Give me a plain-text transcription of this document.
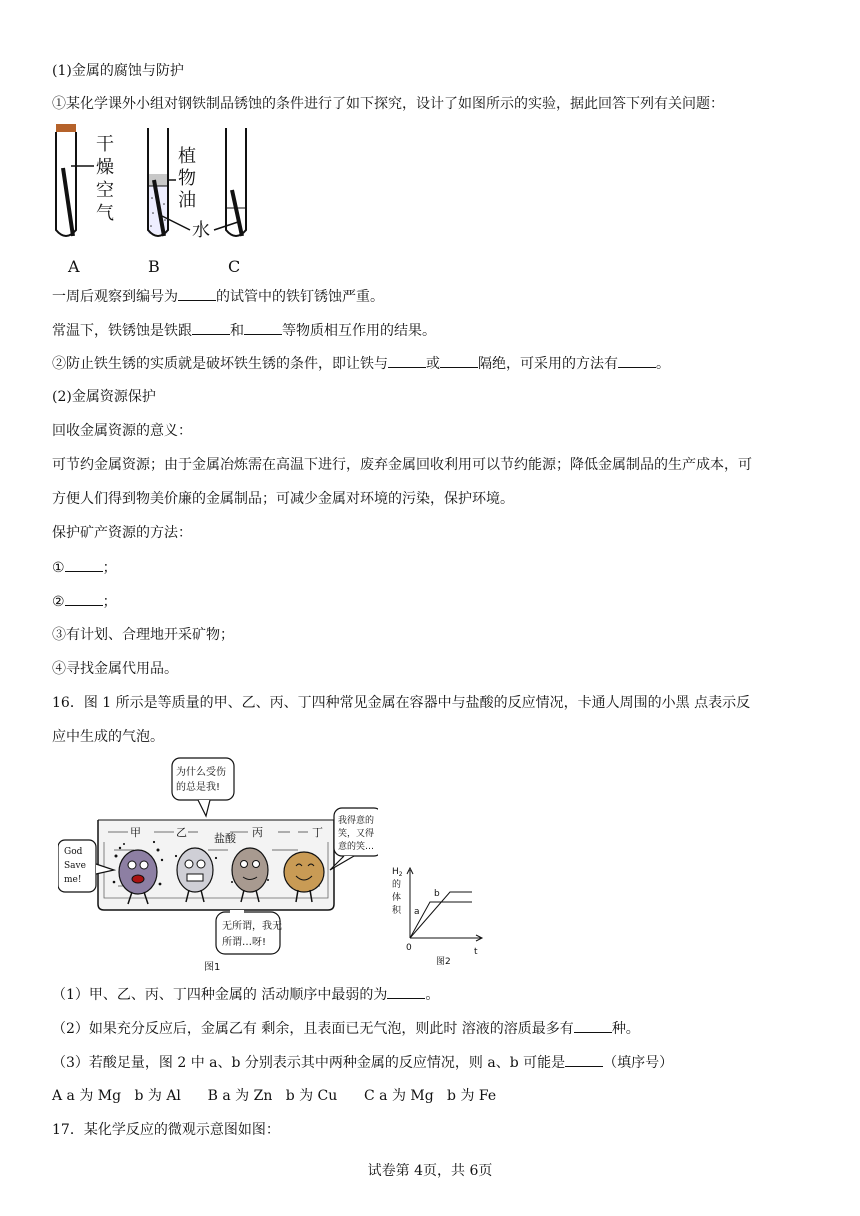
(1)金属的腐蚀与防护
①某化学课外小组对钢铁制品锈蚀的条件进行了如下探究，设计了如图所示的实验，据此回答下列有关问题：
干
燥
空
气
植
物
油
水
A	B	C
一周后观察到编号为	的试管中的铁钉锈蚀严重。
常温下，铁锈蚀是铁跟	和	等物质相互作用的结果。
②防止铁生锈的实质就是破坏铁生锈的条件，即让铁与	或	隔绝，可采用的方法有	。
(2)金属资源保护
回收金属资源的意义：
可节约金属资源；由于金属冶炼需在高温下进行，废弃金属回收利用可以节约能源；降低金属制品的生产成本，可
方便人们得到物美价廉的金属制品；可减少金属对环境的污染，保护环境。
保护矿产资源的方法：
①	；
②	；
③有计划、合理地开采矿物；
④寻找金属代用品。
16．图 1 所示是等质量的甲、乙、丙、丁四种常见金属在容器中与盐酸的反应情况，卡通人周围的小黑 点表示反
应中生成的气泡。
为什么受伤
的总是我!
甲	乙 盐酸 丙	丁
God
Save
me!
我得意的
笑，又得
意的笑…
无所谓，我无
所谓…呀!
图1
$H_2$
的
体
积 a
b
0	t
图2
（1）甲、乙、丙、丁四种金属的 活动顺序中最弱的为	。
（2）如果充分反应后，金属乙有 剩余，且表面已无气泡，则此时 溶液的溶质最多有	种。
（3）若酸足量，图 2 中 a、b 分别表示其中两种金属的反应情况，则 a、b 可能是	（填序号）
A a 为 Mg   b 为 Al B a 为 Zn   b 为 Cu C a 为 Mg   b 为 Fe
17．某化学反应的微观示意图如图：
试卷第 4页，共 6页
